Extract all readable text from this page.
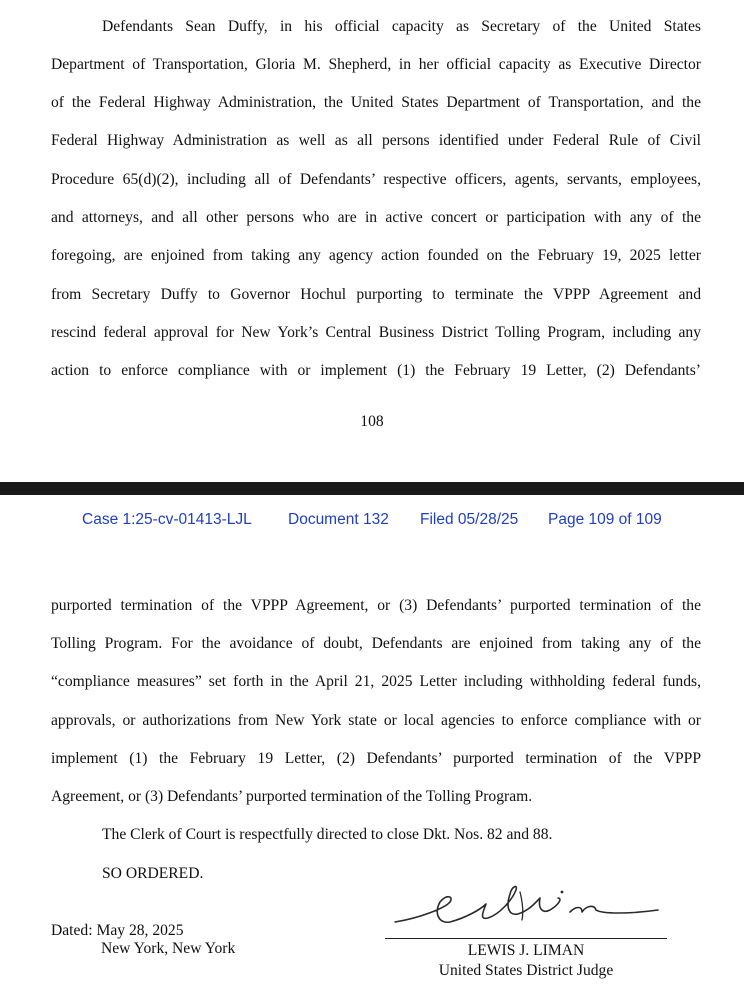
Defendants Sean Duffy, in his official capacity as Secretary of the United States
Department of Transportation, Gloria M. Shepherd, in her official capacity as Executive Director
of the Federal Highway Administration, the United States Department of Transportation, and the
Federal Highway Administration as well as all persons identified under Federal Rule of Civil
Procedure 65(d)(2), including all of Defendants’ respective officers, agents, servants, employees,
and attorneys, and all other persons who are in active concert or participation with any of the
foregoing, are enjoined from taking any agency action founded on the February 19, 2025 letter
from Secretary Duffy to Governor Hochul purporting to terminate the VPPP Agreement and
rescind federal approval for New York’s Central Business District Tolling Program, including any
action to enforce compliance with or implement (1) the February 19 Letter, (2) Defendants’
108
Case 1:25-cv-01413-LJL Document 132 Filed 05/28/25 Page 109 of 109
purported termination of the VPPP Agreement, or (3) Defendants’ purported termination of the
Tolling Program. For the avoidance of doubt, Defendants are enjoined from taking any of the
“compliance measures” set forth in the April 21, 2025 Letter including withholding federal funds,
approvals, or authorizations from New York state or local agencies to enforce compliance with or
implement (1) the February 19 Letter, (2) Defendants’ purported termination of the VPPP
Agreement, or (3) Defendants’ purported termination of the Tolling Program.
The Clerk of Court is respectfully directed to close Dkt. Nos. 82 and 88.
SO ORDERED.
Dated: May 28, 2025
New York, New York	LEWIS J. LIMAN
United States District Judge
